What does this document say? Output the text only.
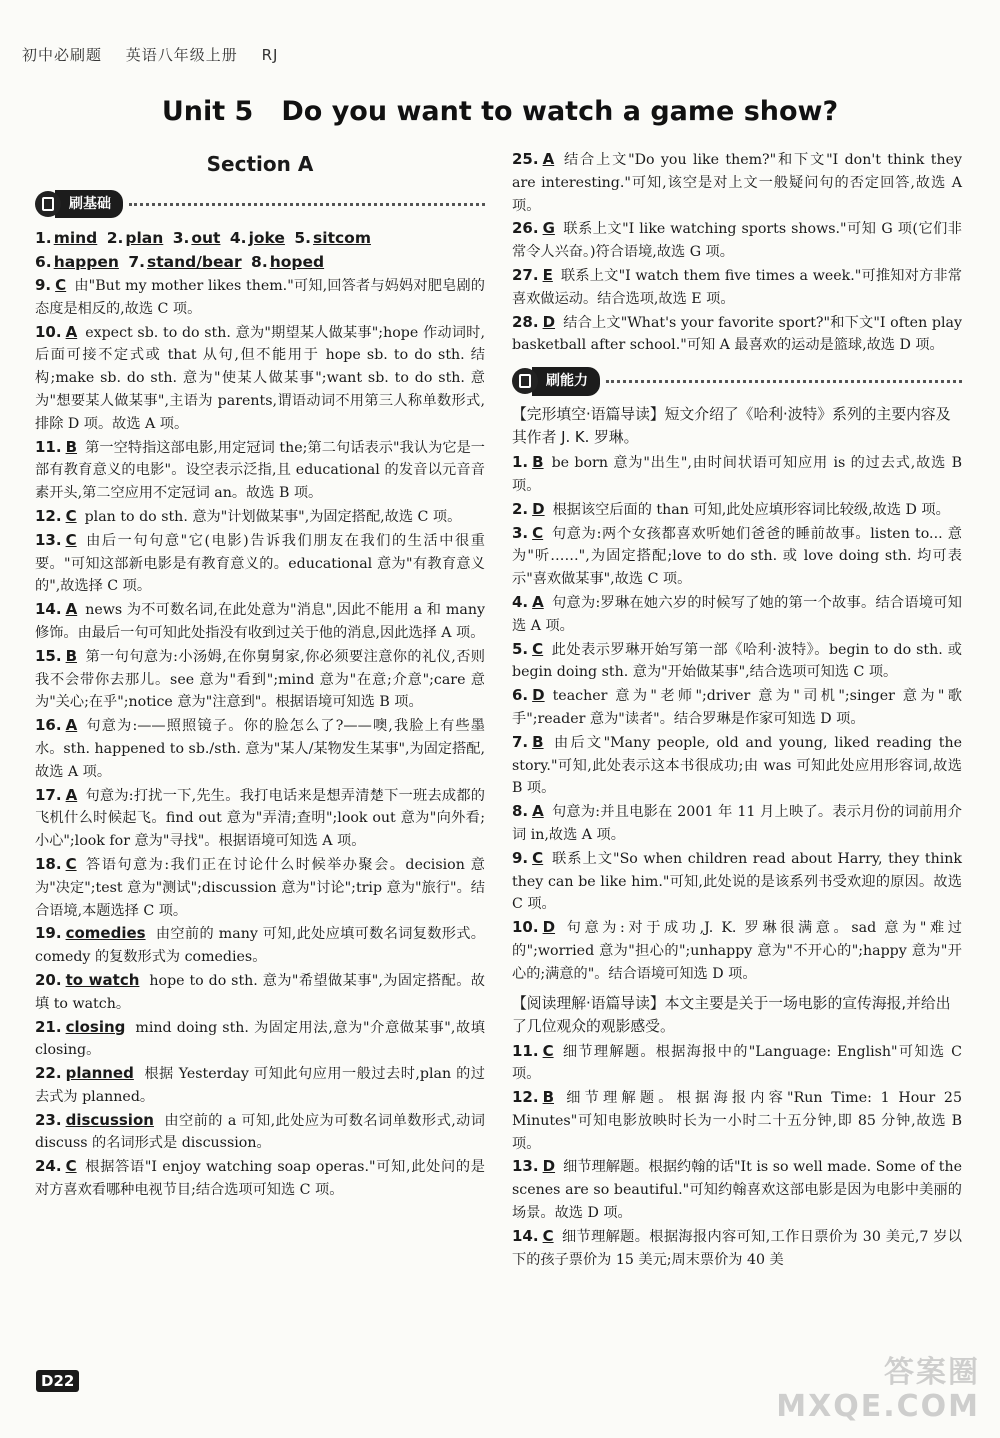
初中必刷题 英语八年级上册 RJ
Unit 5 Do you want to watch a game show?
Section A
刷基础
1. mind 2. plan 3. out 4. joke 5. sitcom
6. happen 7. stand/bear 8. hoped

9. C 由"But my mother likes them."可知,回答者与妈妈对肥皂剧的态度是相反的,故选 C 项。

10. A expect sb. to do sth. 意为"期望某人做某事";hope 作动词时,后面可接不定式或 that 从句,但不能用于 hope sb. to do sth. 结构;make sb. do sth. 意为"使某人做某事";want sb. to do sth. 意为"想要某人做某事",主语为 parents,谓语动词不用第三人称单数形式,排除 D 项。故选 A 项。

11. B 第一空特指这部电影,用定冠词 the;第二句话表示"我认为它是一部有教育意义的电影"。设空表示泛指,且 educational 的发音以元音音素开头,第二空应用不定冠词 an。故选 B 项。

12. C plan to do sth. 意为"计划做某事",为固定搭配,故选 C 项。

13. C 由后一句句意"它(电影)告诉我们朋友在我们的生活中很重要。"可知这部新电影是有教育意义的。educational 意为"有教育意义的",故选择 C 项。

14. A news 为不可数名词,在此处意为"消息",因此不能用 a 和 many 修饰。由最后一句可知此处指没有收到过关于他的消息,因此选择 A 项。

15. B 第一句句意为:小汤姆,在你舅舅家,你必须要注意你的礼仪,否则我不会带你去那儿。see 意为"看到";mind 意为"在意;介意";care 意为"关心;在乎";notice 意为"注意到"。根据语境可知选 B 项。

16. A 句意为:——照照镜子。你的脸怎么了?——噢,我脸上有些墨水。sth. happened to sb./sth. 意为"某人/某物发生某事",为固定搭配,故选 A 项。

17. A 句意为:打扰一下,先生。我打电话来是想弄清楚下一班去成都的飞机什么时候起飞。find out 意为"弄清;查明";look out 意为"向外看;小心";look for 意为"寻找"。根据语境可知选 A 项。

18. C 答语句意为:我们正在讨论什么时候举办聚会。decision 意为"决定";test 意为"测试";discussion 意为"讨论";trip 意为"旅行"。结合语境,本题选择 C 项。

19. comedies 由空前的 many 可知,此处应填可数名词复数形式。comedy 的复数形式为 comedies。

20. to watch hope to do sth. 意为"希望做某事",为固定搭配。故填 to watch。

21. closing mind doing sth. 为固定用法,意为"介意做某事",故填 closing。

22. planned 根据 Yesterday 可知此句应用一般过去时,plan 的过去式为 planned。

23. discussion 由空前的 a 可知,此处应为可数名词单数形式,动词 discuss 的名词形式是 discussion。

24. C 根据答语"I enjoy watching soap operas."可知,此处问的是对方喜欢看哪种电视节目;结合选项可知选 C 项。

25. A 结合上文"Do you like them?"和下文"I don't think they are interesting."可知,该空是对上文一般疑问句的否定回答,故选 A 项。

26. G 联系上文"I like watching sports shows."可知 G 项(它们非常令人兴奋。)符合语境,故选 G 项。

27. E 联系上文"I watch them five times a week."可推知对方非常喜欢做运动。结合选项,故选 E 项。

28. D 结合上文"What's your favorite sport?"和下文"I often play basketball after school."可知 A 最喜欢的运动是篮球,故选 D 项。

刷能力
【完形填空·语篇导读】短文介绍了《哈利·波特》系列的主要内容及其作者 J. K. 罗琳。

1. B be born 意为"出生",由时间状语可知应用 is 的过去式,故选 B 项。

2. D 根据该空后面的 than 可知,此处应填形容词比较级,故选 D 项。

3. C 句意为:两个女孩都喜欢听她们爸爸的睡前故事。listen to... 意为"听……",为固定搭配;love to do sth. 或 love doing sth. 均可表示"喜欢做某事",故选 C 项。

4. A 句意为:罗琳在她六岁的时候写了她的第一个故事。结合语境可知选 A 项。

5. C 此处表示罗琳开始写第一部《哈利·波特》。begin to do sth. 或 begin doing sth. 意为"开始做某事",结合选项可知选 C 项。

6. D teacher 意为"老师";driver 意为"司机";singer 意为"歌手";reader 意为"读者"。结合罗琳是作家可知选 D 项。

7. B 由后文"Many people, old and young, liked reading the story."可知,此处表示这本书很成功;由 was 可知此处应用形容词,故选 B 项。

8. A 句意为:并且电影在 2001 年 11 月上映了。表示月份的词前用介词 in,故选 A 项。

9. C 联系上文"So when children read about Harry, they think they can be like him."可知,此处说的是该系列书受欢迎的原因。故选 C 项。

10. D 句意为:对于成功,J. K. 罗琳很满意。sad 意为"难过的";worried 意为"担心的";unhappy 意为"不开心的";happy 意为"开心的;满意的"。结合语境可知选 D 项。

【阅读理解·语篇导读】本文主要是关于一场电影的宣传海报,并给出了几位观众的观影感受。

11. C 细节理解题。根据海报中的"Language: English"可知选 C 项。

12. B 细节理解题。根据海报内容"Run Time: 1 Hour 25 Minutes"可知电影放映时长为一小时二十五分钟,即 85 分钟,故选 B 项。

13. D 细节理解题。根据约翰的话"It is so well made. Some of the scenes are so beautiful."可知约翰喜欢这部电影是因为电影中美丽的场景。故选 D 项。

14. C 细节理解题。根据海报内容可知,工作日票价为 30 美元,7 岁以下的孩子票价为 15 美元;周末票价为 40 美

D22	答案圈
MXQE.COM
